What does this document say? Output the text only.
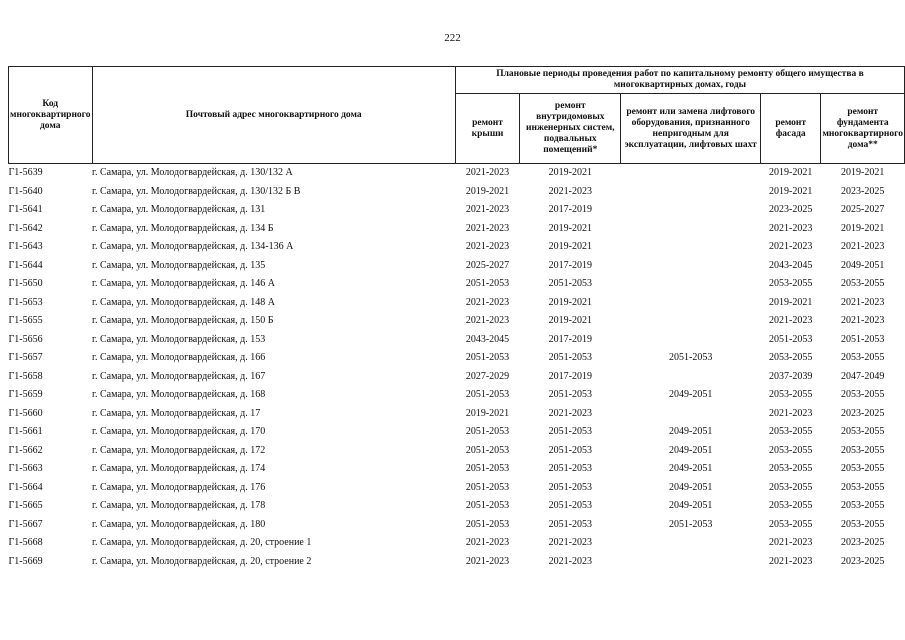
222
Код многоквартирного дома	Почтовый адрес многоквартирного дома	Плановые периоды проведения работ по капитальному ремонту общего имущества в многоквартирных домах, годы				
		ремонт крыши	ремонт внутридомовых инженерных систем, подвальных помещений*	ремонт или замена лифтового оборудования, признанного непригодным для эксплуатации, лифтовых шахт	ремонт фасада	ремонт фундамента многоквартирного дома**
Г1-5639	г. Самара, ул. Молодогвардейская, д. 130/132 А	2021-2023	2019-2021		2019-2021	2019-2021
Г1-5640	г. Самара, ул. Молодогвардейская, д. 130/132 Б В	2019-2021	2021-2023		2019-2021	2023-2025
Г1-5641	г. Самара, ул. Молодогвардейская, д. 131	2021-2023	2017-2019		2023-2025	2025-2027
Г1-5642	г. Самара, ул. Молодогвардейская, д. 134 Б	2021-2023	2019-2021		2021-2023	2019-2021
Г1-5643	г. Самара, ул. Молодогвардейская, д. 134-136 А	2021-2023	2019-2021		2021-2023	2021-2023
Г1-5644	г. Самара, ул. Молодогвардейская, д. 135	2025-2027	2017-2019		2043-2045	2049-2051
Г1-5650	г. Самара, ул. Молодогвардейская, д. 146 А	2051-2053	2051-2053		2053-2055	2053-2055
Г1-5653	г. Самара, ул. Молодогвардейская, д. 148 А	2021-2023	2019-2021		2019-2021	2021-2023
Г1-5655	г. Самара, ул. Молодогвардейская, д. 150 Б	2021-2023	2019-2021		2021-2023	2021-2023
Г1-5656	г. Самара, ул. Молодогвардейская, д. 153	2043-2045	2017-2019		2051-2053	2051-2053
Г1-5657	г. Самара, ул. Молодогвардейская, д. 166	2051-2053	2051-2053	2051-2053	2053-2055	2053-2055
Г1-5658	г. Самара, ул. Молодогвардейская, д. 167	2027-2029	2017-2019		2037-2039	2047-2049
Г1-5659	г. Самара, ул. Молодогвардейская, д. 168	2051-2053	2051-2053	2049-2051	2053-2055	2053-2055
Г1-5660	г. Самара, ул. Молодогвардейская, д. 17	2019-2021	2021-2023		2021-2023	2023-2025
Г1-5661	г. Самара, ул. Молодогвардейская, д. 170	2051-2053	2051-2053	2049-2051	2053-2055	2053-2055
Г1-5662	г. Самара, ул. Молодогвардейская, д. 172	2051-2053	2051-2053	2049-2051	2053-2055	2053-2055
Г1-5663	г. Самара, ул. Молодогвардейская, д. 174	2051-2053	2051-2053	2049-2051	2053-2055	2053-2055
Г1-5664	г. Самара, ул. Молодогвардейская, д. 176	2051-2053	2051-2053	2049-2051	2053-2055	2053-2055
Г1-5665	г. Самара, ул. Молодогвардейская, д. 178	2051-2053	2051-2053	2049-2051	2053-2055	2053-2055
Г1-5667	г. Самара, ул. Молодогвардейская, д. 180	2051-2053	2051-2053	2051-2053	2053-2055	2053-2055
Г1-5668	г. Самара, ул. Молодогвардейская, д. 20, строение 1	2021-2023	2021-2023		2021-2023	2023-2025
Г1-5669	г. Самара, ул. Молодогвардейская, д. 20, строение 2	2021-2023	2021-2023		2021-2023	2023-2025
